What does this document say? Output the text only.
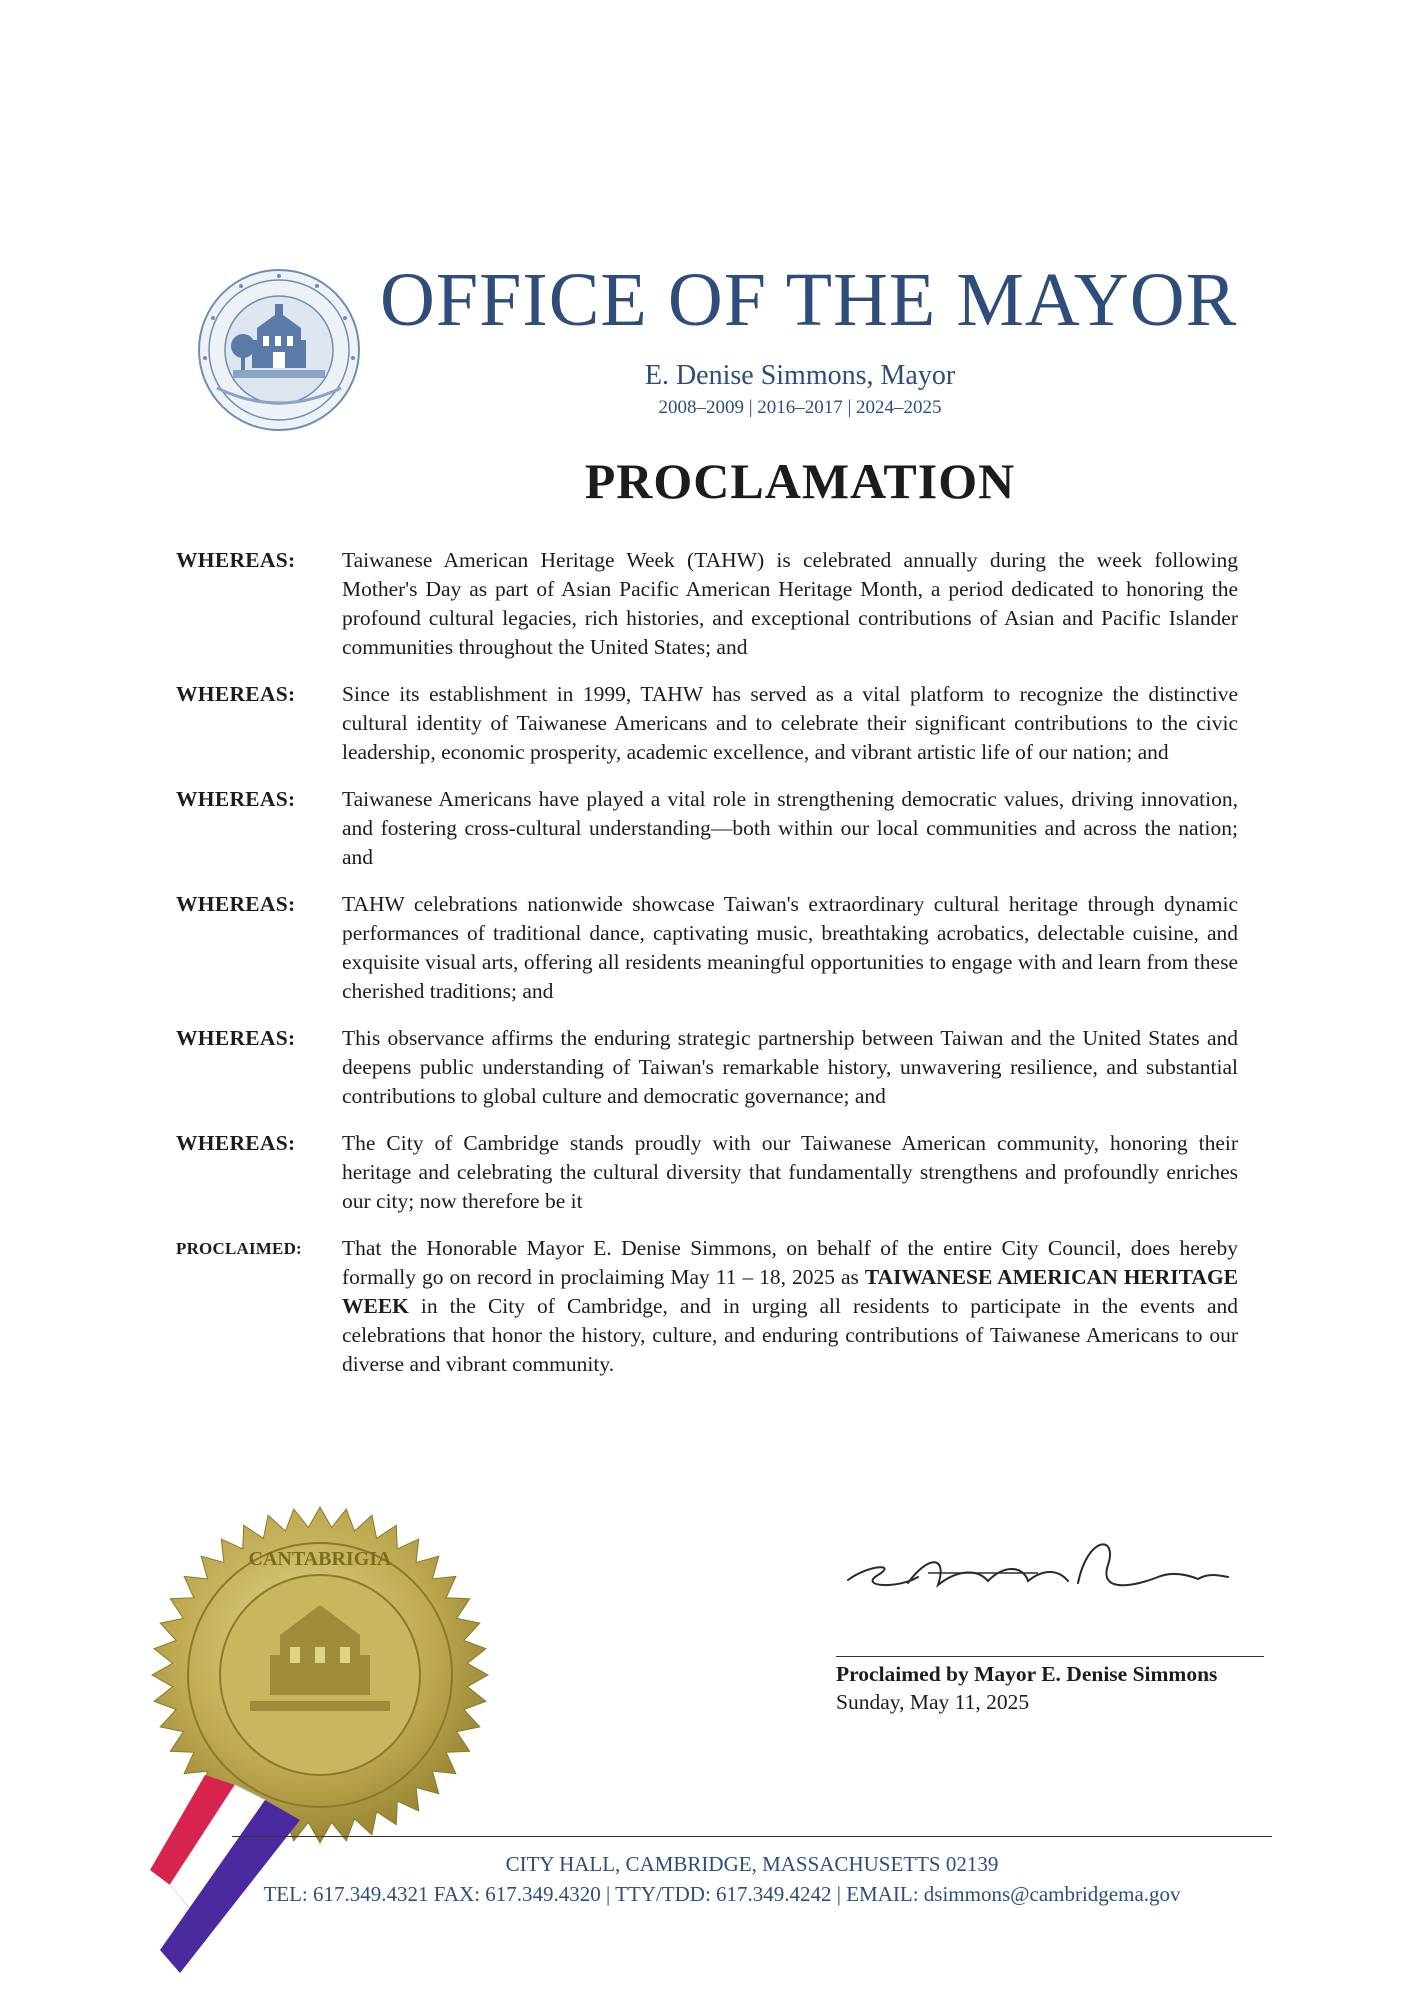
OFFICE OF THE MAYOR
E. Denise Simmons, Mayor
2008–2009 | 2016–2017 | 2024–2025
PROCLAMATION
WHEREAS:	Taiwanese American Heritage Week (TAHW) is celebrated annually during the week following Mother's Day as part of Asian Pacific American Heritage Month, a period dedicated to honoring the profound cultural legacies, rich histories, and exceptional contributions of Asian and Pacific Islander communities throughout the United States; and
WHEREAS:	Since its establishment in 1999, TAHW has served as a vital platform to recognize the distinctive cultural identity of Taiwanese Americans and to celebrate their significant contributions to the civic leadership, economic prosperity, academic excellence, and vibrant artistic life of our nation; and
WHEREAS:	Taiwanese Americans have played a vital role in strengthening democratic values, driving innovation, and fostering cross-cultural understanding—both within our local communities and across the nation; and
WHEREAS:	TAHW celebrations nationwide showcase Taiwan's extraordinary cultural heritage through dynamic performances of traditional dance, captivating music, breathtaking acrobatics, delectable cuisine, and exquisite visual arts, offering all residents meaningful opportunities to engage with and learn from these cherished traditions; and
WHEREAS:	This observance affirms the enduring strategic partnership between Taiwan and the United States and deepens public understanding of Taiwan's remarkable history, unwavering resilience, and substantial contributions to global culture and democratic governance; and
WHEREAS:	The City of Cambridge stands proudly with our Taiwanese American community, honoring their heritage and celebrating the cultural diversity that fundamentally strengthens and profoundly enriches our city; now therefore be it
PROCLAIMED:	That the Honorable Mayor E. Denise Simmons, on behalf of the entire City Council, does hereby formally go on record in proclaiming May 11 – 18, 2025 as TAIWANESE AMERICAN HERITAGE WEEK in the City of Cambridge, and in urging all residents to participate in the events and celebrations that honor the history, culture, and enduring contributions of Taiwanese Americans to our diverse and vibrant community.
CANTABRIGIA
Proclaimed by Mayor E. Denise Simmons
Sunday, May 11, 2025
CITY HALL, CAMBRIDGE, MASSACHUSETTS 02139
TEL: 617.349.4321 FAX: 617.349.4320 | TTY/TDD: 617.349.4242 | EMAIL: dsimmons@cambridgema.gov
